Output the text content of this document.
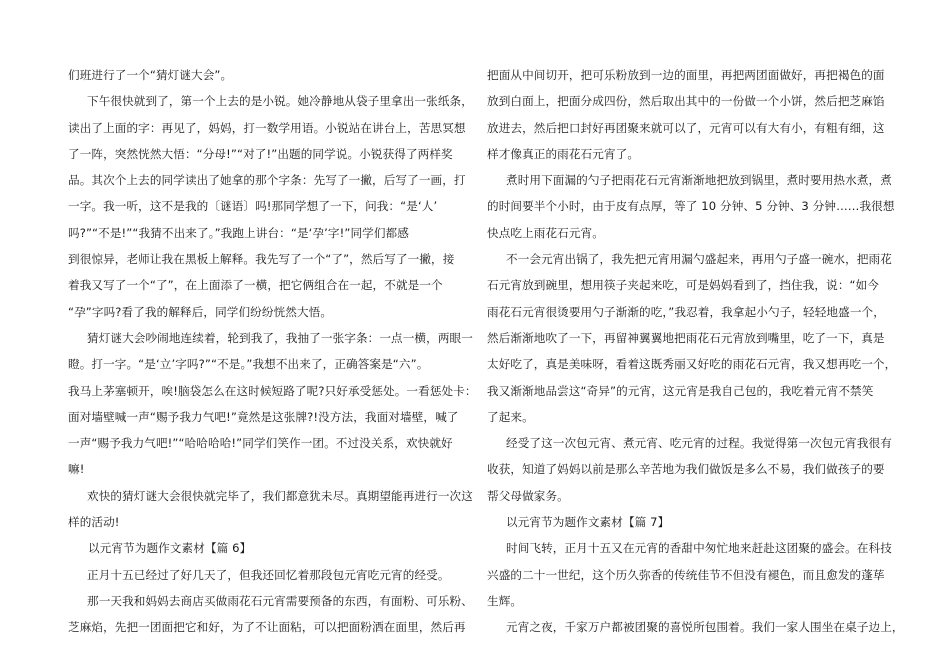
们班进行了一个“猜灯谜大会”。
下午很快就到了，第一个上去的是小锐。她冷静地从袋子里拿出一张纸条，
读出了上面的字：再见了，妈妈，打一数学用语。小锐站在讲台上，苦思冥想
了一阵，突然恍然大悟：“分母!”“对了!”出题的同学说。小锐获得了两样奖
品。其次个上去的同学读出了她拿的那个字条：先写了一撇，后写了一画，打
一字。我一听，这不是我的〔谜语〕吗!那同学想了一下，问我：“是‘人’
吗?”“不是!”“我猜不出来了。”我跑上讲台：“是‘孕’字!”同学们都感
到很惊异，老师让我在黑板上解释。我先写了一个“了”，然后写了一撇，接
着我又写了一个“了”，在上面添了一横，把它俩组合在一起，不就是一个
“孕”字吗?看了我的解释后，同学们纷纷恍然大悟。
猜灯谜大会吵闹地连续着，轮到我了，我抽了一张字条：一点一横，两眼一
瞪。打一字。“是‘立’字吗?”“不是。”我想不出来了，正确答案是“六”。
我马上茅塞顿开，唉!脑袋怎么在这时候短路了呢?只好承受惩处。一看惩处卡：
面对墙壁喊一声“赐予我力气吧!”竟然是这张牌?!没方法，我面对墙壁，喊了
一声“赐予我力气吧!”“哈哈哈哈!”同学们笑作一团。不过没关系，欢快就好
嘛!
欢快的猜灯谜大会很快就完毕了，我们都意犹未尽。真期望能再进行一次这
样的活动!
以元宵节为题作文素材【篇 6】
正月十五已经过了好几天了，但我还回忆着那段包元宵吃元宵的经受。
那一天我和妈妈去商店买做雨花石元宵需要预备的东西，有面粉、可乐粉、
芝麻焰，先把一团面把它和好，为了不让面粘，可以把面粉洒在面里，然后再
把面从中间切开，把可乐粉放到一边的面里，再把两团面做好，再把褐色的面
放到白面上，把面分成四份，然后取出其中的一份做一个小饼，然后把芝麻馅
放进去，然后把口封好再团聚来就可以了，元宵可以有大有小，有粗有细，这
样才像真正的雨花石元宵了。
煮时用下面漏的勺子把雨花石元宵渐渐地把放到锅里，煮时要用热水煮，煮
的时间要半个小时，由于皮有点厚，等了 10 分钟、5 分钟、3 分钟……我很想
快点吃上雨花石元宵。
不一会元宵出锅了，我先把元宵用漏勺盛起来，再用勺子盛一碗水，把雨花
石元宵放到碗里，想用筷子夹起来吃，可是妈妈看到了，挡住我，说：“如今
雨花石元宵很烫要用勺子渐渐的吃，”我忍着，我拿起小勺子，轻轻地盛一个，
然后渐渐地吹了一下，再留神翼翼地把雨花石元宵放到嘴里，吃了一下，真是
太好吃了，真是美味呀，看着这既秀丽又好吃的雨花石元宵，我又想再吃一个，
我又渐渐地品尝这“奇异”的元宵，这元宵是我自己包的，我吃着元宵不禁笑
了起来。
经受了这一次包元宵、煮元宵、吃元宵的过程。我觉得第一次包元宵我很有
收获，知道了妈妈以前是那么辛苦地为我们做饭是多么不易，我们做孩子的要
帮父母做家务。
以元宵节为题作文素材【篇 7】
时间飞转，正月十五又在元宵的香甜中匆忙地来赶赴这团聚的盛会。在科技
兴盛的二十一世纪，这个历久弥香的传统佳节不但没有褪色，而且愈发的蓬荜
生辉。
元宵之夜，千家万户都被团聚的喜悦所包围着。我们一家人围坐在桌子边上，
